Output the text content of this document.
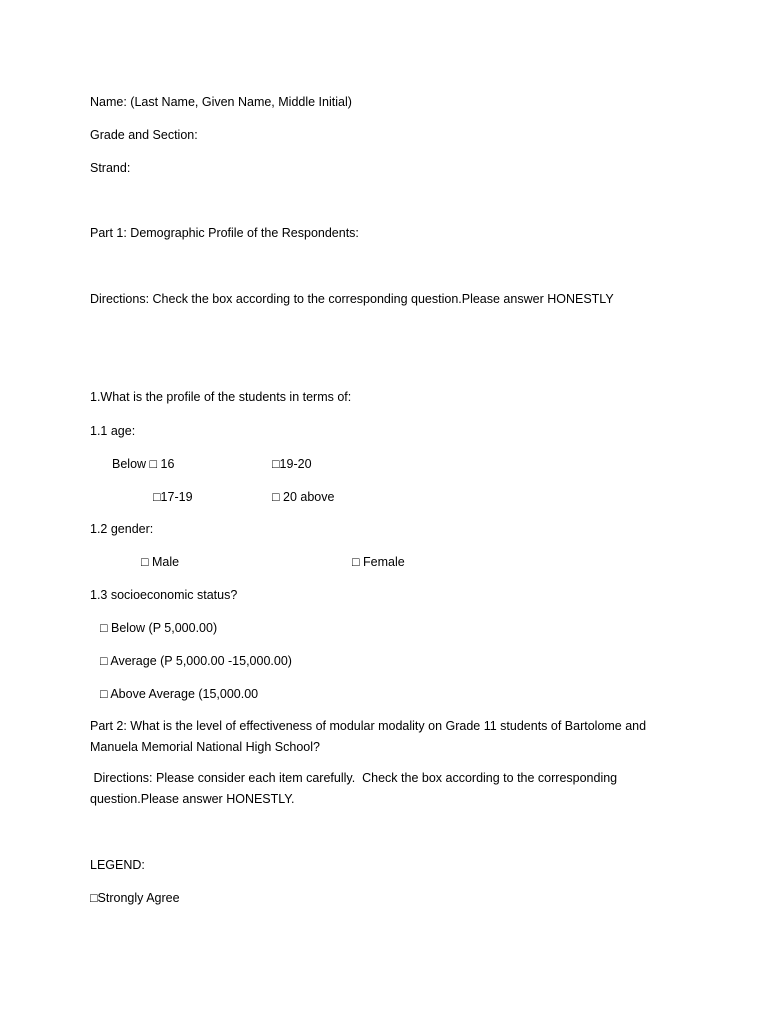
Name: (Last Name, Given Name, Middle Initial)
Grade and Section:
Strand:
Part 1: Demographic Profile of the Respondents:
Directions: Check the box according to the corresponding question.Please answer HONESTLY
1.What is the profile of the students in terms of:
1.1 age:
Below □ 16	□19-20
□17-19	□ 20 above
1.2 gender:
□ Male	□ Female
1.3 socioeconomic status?
□ Below (P 5,000.00)
□ Average (P 5,000.00 -15,000.00)
□ Above Average (15,000.00
Part 2: What is the level of effectiveness of modular modality on Grade 11 students of Bartolome and Manuela Memorial National High School?
Directions: Please consider each item carefully.  Check the box according to the corresponding question.Please answer HONESTLY.
LEGEND:
□Strongly Agree
